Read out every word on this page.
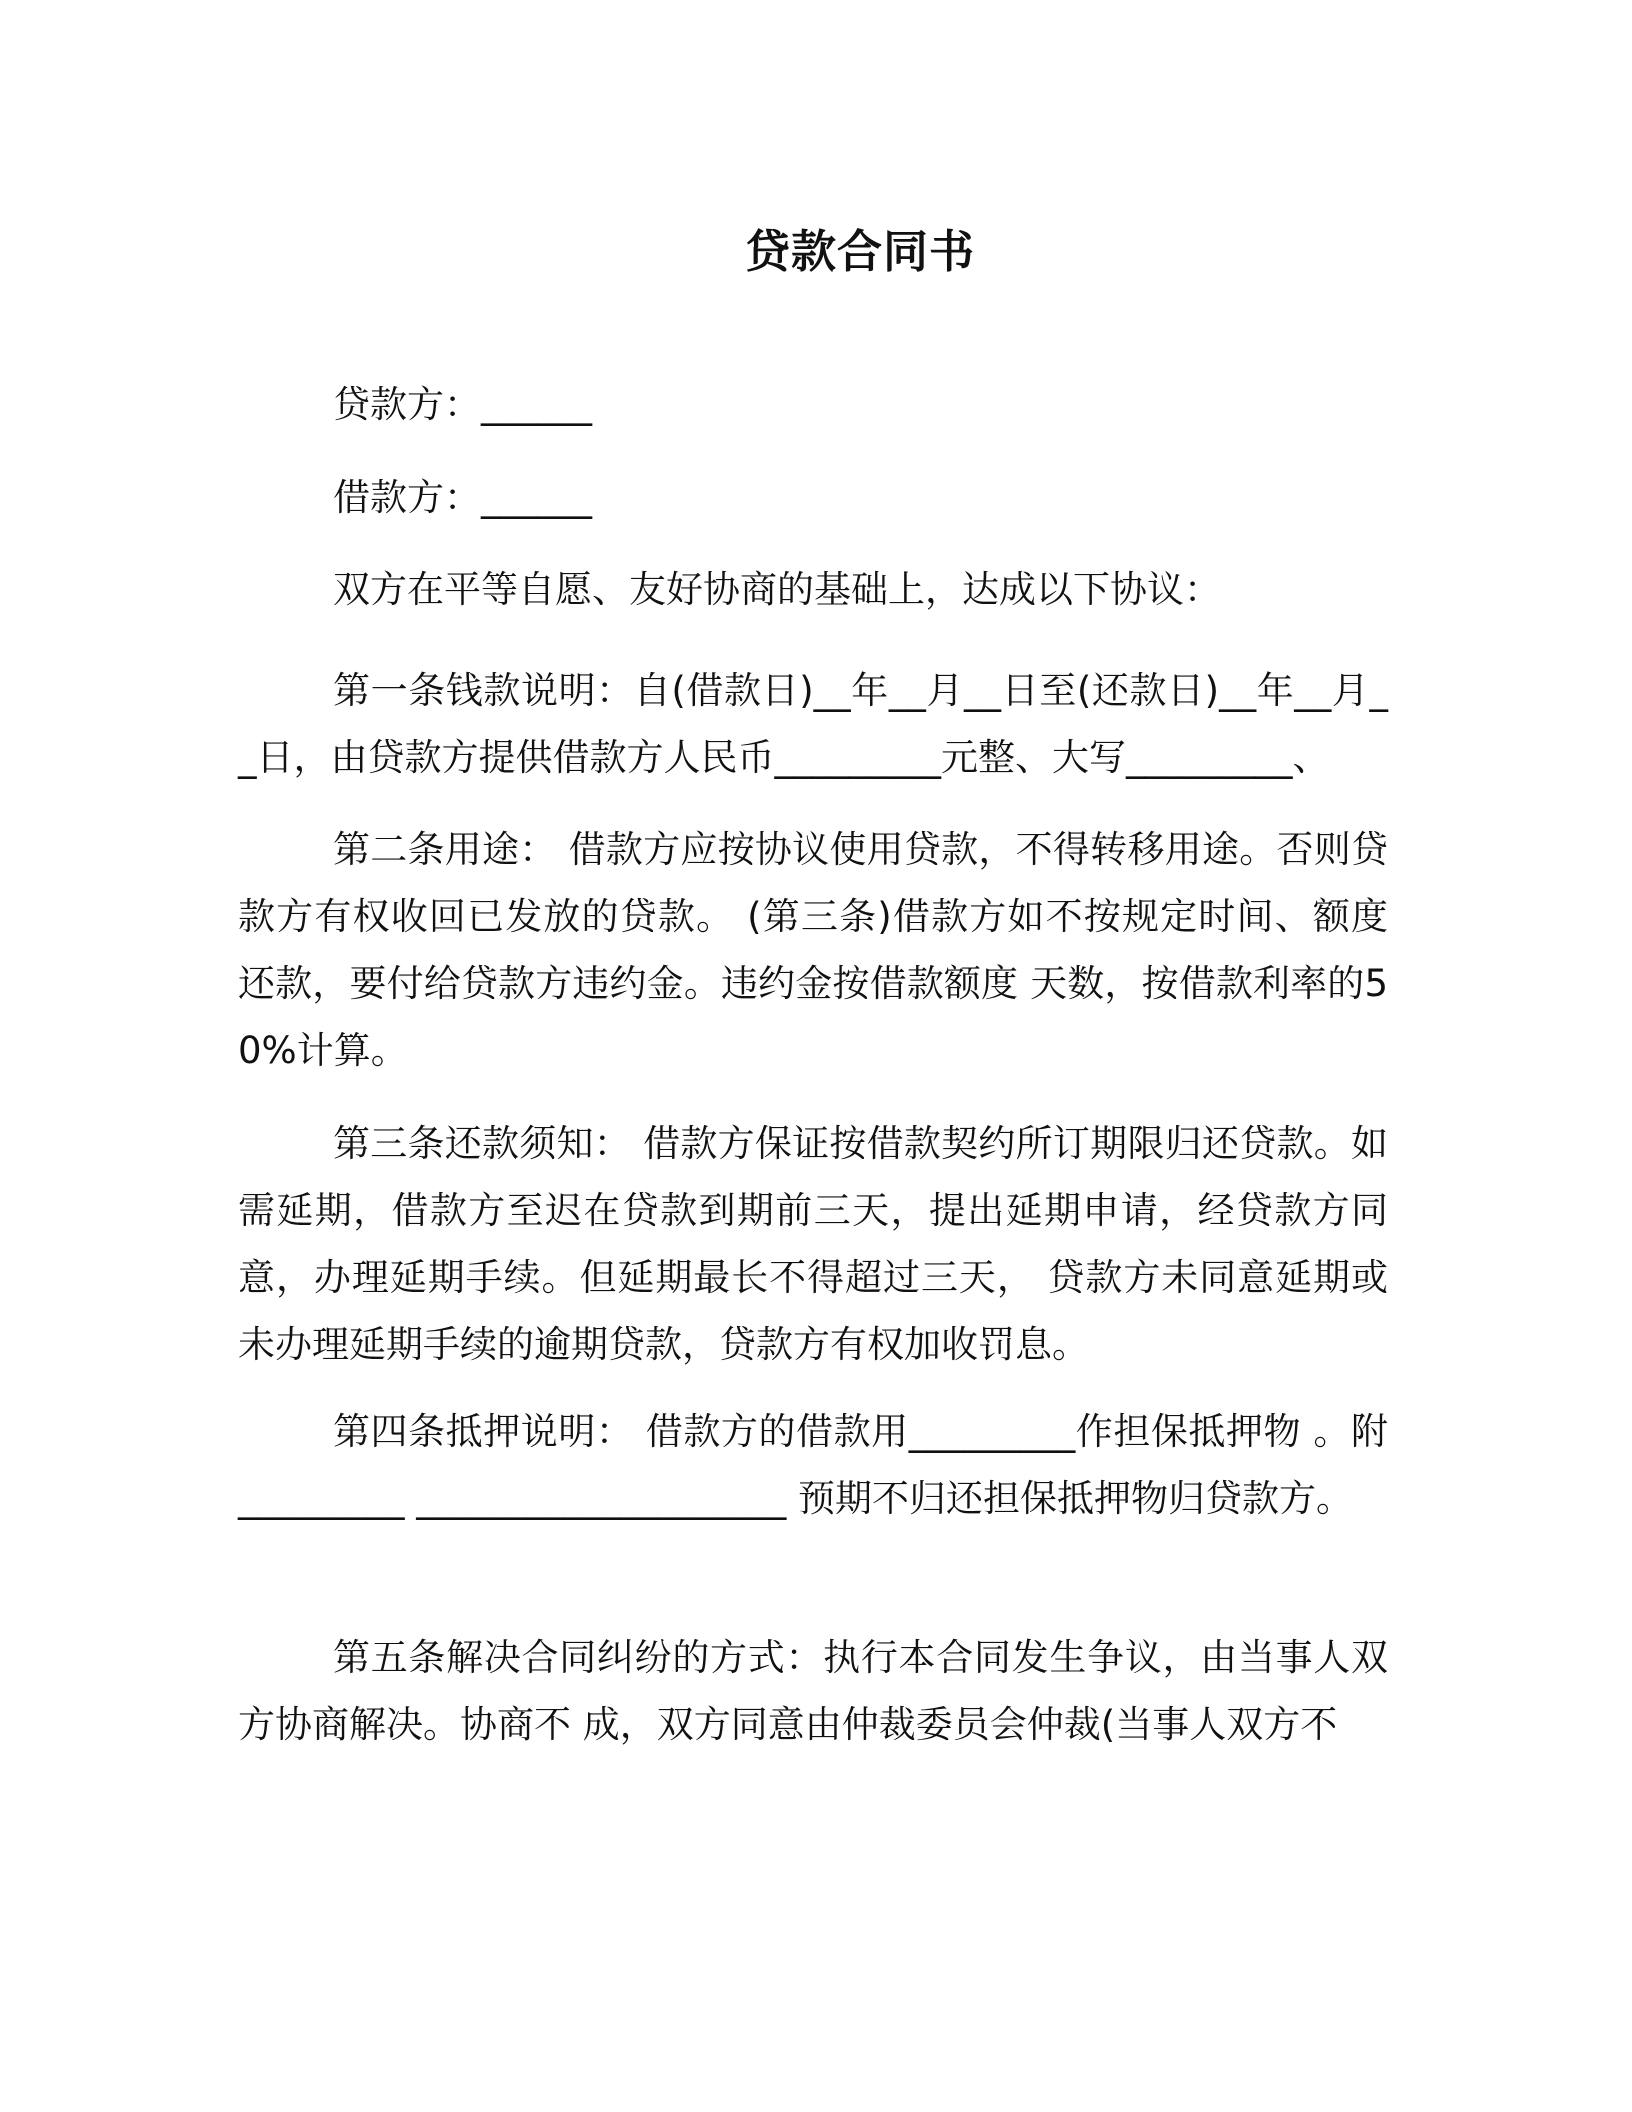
贷款合同书
贷款方：______
借款方：______
双方在平等自愿、友好协商的基础上，达成以下协议：
第一条钱款说明：自(借款日)__年__月__日至(还款日)__年__月__日，由贷款方提供借款方人民币_________元整、大写_________、
第二条用途： 借款方应按协议使用贷款，不得转移用途。否则贷款方有权收回已发放的贷款。 (第三条)借款方如不按规定时间、额度还款，要付给贷款方违约金。违约金按借款额度 天数，按借款利率的50%计算。
第三条还款须知： 借款方保证按借款契约所订期限归还贷款。如需延期，借款方至迟在贷款到期前三天，提出延期申请，经贷款方同意，办理延期手续。但延期最长不得超过三天， 贷款方未同意延期或未办理延期手续的逾期贷款，贷款方有权加收罚息。
第四条抵押说明： 借款方的借款用_________作担保抵押物 。附_________ ____________________ 预期不归还担保抵押物归贷款方。
第五条解决合同纠纷的方式：执行本合同发生争议，由当事人双方协商解决。协商不 成，双方同意由仲裁委员会仲裁(当事人双方不
